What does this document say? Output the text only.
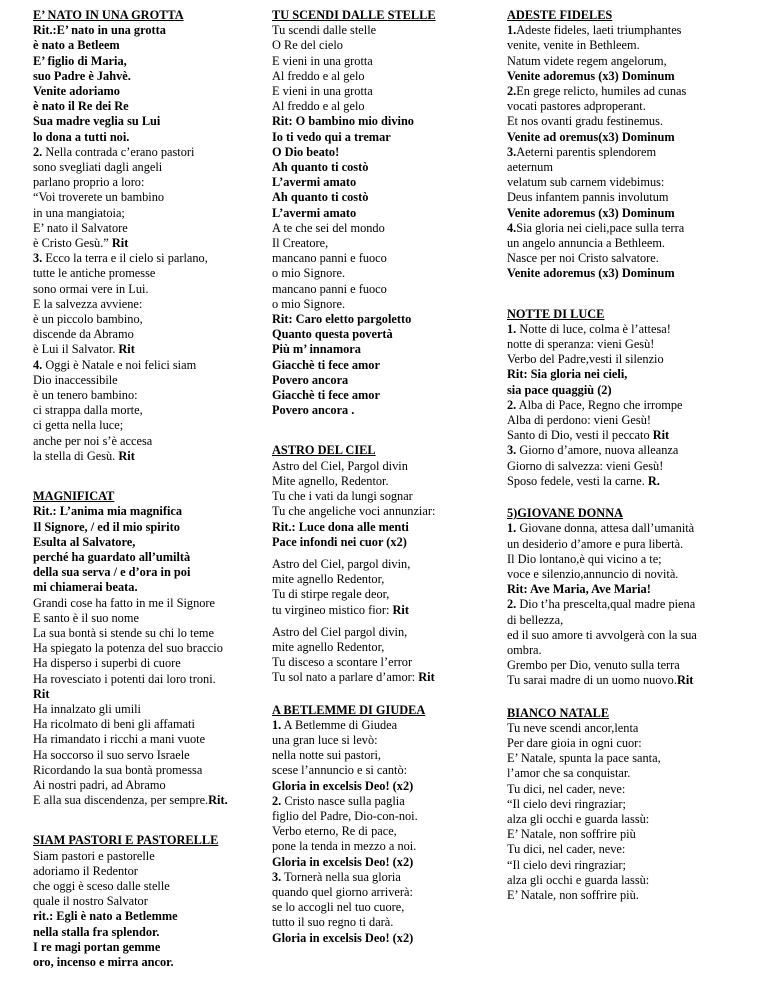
E’ NATO IN UNA GROTTA
Rit.:E’ nato in una grotta
è nato a Betleem
E’ figlio di Maria,
suo Padre è Jahvè.
Venite adoriamo
è nato il Re dei Re
Sua madre veglia su Lui
lo dona a tutti noi.
2. Nella contrada c’erano pastori
sono svegliati dagli angeli
parlano proprio a loro:
“Voi troverete un bambino
in una mangiatoia;
E’ nato il Salvatore
è Cristo Gesù.” Rit
3. Ecco la terra e il cielo si parlano,
tutte le antiche promesse
sono ormai vere in Lui.
E la salvezza avviene:
è un piccolo bambino,
discende da Abramo
è Lui il Salvator. Rit
4. Oggi è Natale e noi felici siam
Dio inaccessibile
è un tenero bambino:
ci strappa dalla morte,
ci getta nella luce;
anche per noi s’è accesa
la stella di Gesù. Rit
MAGNIFICAT
Rit.: L’anima mia magnifica
Il Signore, / ed il mio spirito
Esulta al Salvatore,
perché ha guardato all’umiltà
della sua serva / e d’ora in poi
mi chiamerai beata.
Grandi cose ha fatto in me il Signore
E santo è il suo nome
La sua bontà si stende su chi lo teme
Ha spiegato la potenza del suo braccio
Ha disperso i superbi di cuore
Ha rovesciato i potenti dai loro troni.
Rit
Ha innalzato gli umili
Ha ricolmato di beni gli affamati
Ha rimandato i ricchi a mani vuote
Ha soccorso il suo servo Israele
Ricordando la sua bontà promessa
Ai nostri padri, ad Abramo
E alla sua discendenza, per sempre.Rit.
SIAM PASTORI E PASTORELLE
Siam pastori e pastorelle
adoriamo il Redentor
che oggi è sceso dalle stelle
quale il nostro Salvator
rit.: Egli è nato a Betlemme
nella stalla fra splendor.
I re magi portan gemme
oro, incenso e mirra ancor.
TU SCENDI DALLE STELLE
Tu scendi dalle stelle
O Re del cielo
E vieni in una grotta
Al freddo e al gelo
E vieni in una grotta
Al freddo e al gelo
Rit: O bambino mio divino
Io ti vedo qui a tremar
O Dio beato!
Ah quanto ti costò
L’avermi amato
Ah quanto ti costò
L’avermi amato
A te che sei del mondo
Il Creatore,
mancano panni e fuoco
o mio Signore.
mancano panni e fuoco
o mio Signore.
Rit: Caro eletto pargoletto
Quanto questa povertà
Più m’ innamora
Giacchè ti fece amor
Povero ancora
Giacchè ti fece amor
Povero ancora .
ASTRO DEL CIEL
Astro del Ciel, Pargol divin
Mite agnello, Redentor.
Tu che i vati da lungi sognar
Tu che angeliche voci annunziar:
Rit.: Luce dona alle menti
Pace infondi nei cuor (x2)
Astro del Ciel, pargol divin,
mite agnello Redentor,
Tu di stirpe regale deor,
tu virgineo mistico fior: Rit
Astro del Ciel pargol divin,
mite agnello Redentor,
Tu disceso a scontare l’error
Tu sol nato a parlare d’amor: Rit
A BETLEMME DI GIUDEA
1. A Betlemme di Giudea
una gran luce si levò:
nella notte sui pastori,
scese l’annuncio e si cantò:
Gloria in excelsis Deo! (x2)
2. Cristo nasce sulla paglia
figlio del Padre, Dio-con-noi.
Verbo eterno, Re di pace,
pone la tenda in mezzo a noi.
Gloria in excelsis Deo! (x2)
3. Tornerà nella sua gloria
quando quel giorno arriverà:
se lo accogli nel tuo cuore,
tutto il suo regno ti darà.
Gloria in excelsis Deo! (x2)
ADESTE FIDELES
1.Adeste fideles, laeti triumphantes
venite, venite in Bethleem.
Natum videte regem angelorum,
Venite adoremus (x3) Dominum
2.En grege relicto, humiles ad cunas
vocati pastores adproperant.
Et nos ovanti gradu festinemus.
Venite ad oremus(x3) Dominum
3.Aeterni parentis splendorem
aeternum
velatum sub carnem videbimus:
Deus infantem pannis involutum
Venite adoremus (x3) Dominum
4.Sia gloria nei cieli,pace sulla terra
un angelo annuncia a Bethleem.
Nasce per noi Cristo salvatore.
Venite adoremus (x3) Dominum
NOTTE DI LUCE
1. Notte di luce, colma è l’attesa!
notte di speranza: vieni Gesù!
Verbo del Padre,vesti il silenzio
Rit: Sia gloria nei cieli,
sia pace quaggiù (2)
2. Alba di Pace, Regno che irrompe
Alba di perdono: vieni Gesù!
Santo di Dio, vesti il peccato Rit
3. Giorno d’amore, nuova alleanza
Giorno di salvezza: vieni Gesù!
Sposo fedele, vesti la carne. R.
5)GIOVANE DONNA
1. Giovane donna, attesa dall’umanità
un desiderio d’amore e pura libertà.
Il Dio lontano,è qui vicino a te;
voce e silenzio,annuncio di novità.
Rit: Ave Maria, Ave Maria!
2. Dio t’ha prescelta,qual madre piena
di bellezza,
ed il suo amore ti avvolgerà con la sua
ombra.
Grembo per Dio, venuto sulla terra
Tu sarai madre di un uomo nuovo.Rit
BIANCO NATALE
Tu neve scendi ancor,lenta
Per dare gioia in ogni cuor:
E’ Natale, spunta la pace santa,
l’amor che sa conquistar.
Tu dici, nel cader, neve:
“Il cielo devi ringraziar;
alza gli occhi e guarda lassù:
E’ Natale, non soffrire più
Tu dici, nel cader, neve:
“Il cielo devi ringraziar;
alza gli occhi e guarda lassù:
E’ Natale, non soffrire più.
